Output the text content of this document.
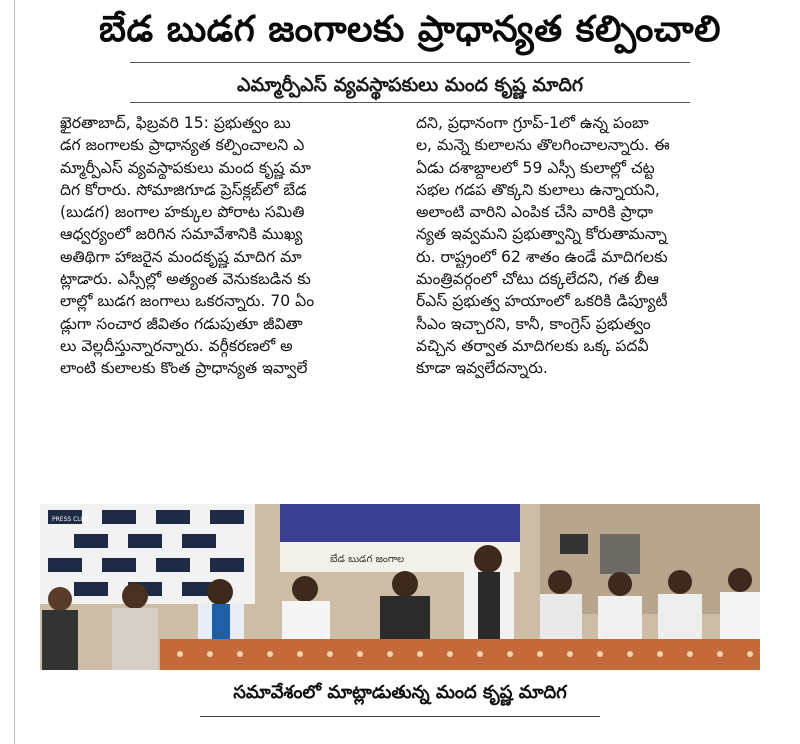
బేడ బుడగ జంగాలకు ప్రాధాన్యత కల్పించాలి
ఎమ్మార్పీఎస్ వ్యవస్థాపకులు మంద కృష్ణ మాదిగ
ఖైరతాబాద్, ఫిబ్రవరి 15: ప్రభుత్వం బు
డగ జంగాలకు ప్రాధాన్యత కల్పించాలని ఎ
మ్మార్పీఎస్ వ్యవస్థాపకులు మంద కృష్ణ మా
దిగ కోరారు. సోమాజిగూడ ప్రెస్‌క్లబ్‌లో బేడ
(బుడగ) జంగాల హక్కుల పోరాట సమితి
ఆధ్వర్యంలో జరిగిన సమావేశానికి ముఖ్య
అతిథిగా హాజరైన మందకృష్ణ మాదిగ మా
ట్లాడారు. ఎస్సీల్లో అత్యంత వెనుకబడిన కు
లాల్లో బుడగ జంగాలు ఒకరన్నారు. 70 ఏం
డ్లుగా సంచార జీవితం గడుపుతూ జీవితా
లు వెల్లదీస్తున్నారన్నారు. వర్గీకరణలో అ
లాంటి కులాలకు కొంత ప్రాధాన్యత ఇవ్వాలే
దని, ప్రధానంగా గ్రూప్-1లో ఉన్న పంబా
ల, మన్నె కులాలను తొలగించాలన్నారు. ఈ
ఏడు దశాబ్దాలలో 59 ఎస్సీ కులాల్లో చట్ట
సభల గడప తొక్కని కులాలు ఉన్నాయని,
అలాంటి వారిని ఎంపిక చేసి వారికి ప్రాధా
న్యత ఇవ్వమని ప్రభుత్వాన్ని కోరుతామన్నా
రు. రాష్ట్రంలో 62 శాతం ఉండే మాదిగలకు
మంత్రివర్గంలో చోటు దక్కలేదని, గత బీఆ
ర్ఎస్ ప్రభుత్వ హయాంలో ఒకరికి డిప్యూటీ
సీఎం ఇచ్చారని, కానీ, కాంగ్రెస్ ప్రభుత్వం
వచ్చిన తర్వాత మాదిగలకు ఒక్క పదవీ
కూడా ఇవ్వలేదన్నారు.
PRESS CLUB
బేడ బుడగ జంగాల
సమావేశంలో మాట్లాడుతున్న మంద కృష్ణ మాదిగ
